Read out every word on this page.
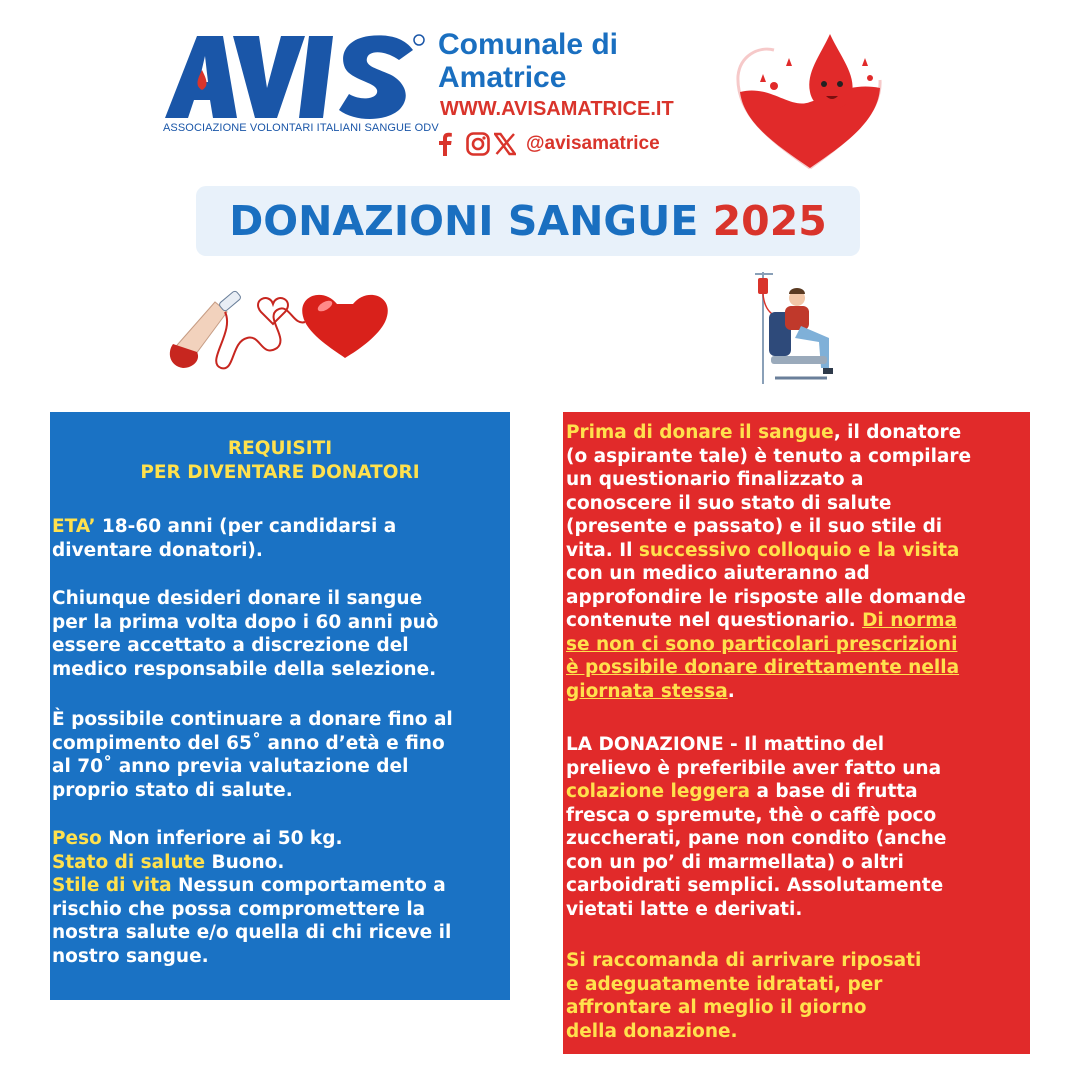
ASSOCIAZIONE VOLONTARI ITALIANI SANGUE ODV
Comunale di
Amatrice
WWW.AVISAMATRICE.IT
@avisamatrice
DONAZIONI SANGUE 2025
REQUISITI
PER DIVENTARE DONATORI
ETA’ 18-60 anni (per candidarsi a
diventare donatori).
Chiunque desideri donare il sangue
per la prima volta dopo i 60 anni può
essere accettato a discrezione del
medico responsabile della selezione.
È possibile continuare a donare fino al
compimento del 65˚ anno d’età e fino
al 70˚ anno previa valutazione del
proprio stato di salute.
Peso Non inferiore ai 50 kg.
Stato di salute Buono.
Stile di vita Nessun comportamento a
rischio che possa compromettere la
nostra salute e/o quella di chi riceve il
nostro sangue.
Prima di donare il sangue, il donatore
(o aspirante tale) è tenuto a compilare
un questionario finalizzato a
conoscere il suo stato di salute
(presente e passato) e il suo stile di
vita. Il successivo colloquio e la visita
con un medico aiuteranno ad
approfondire le risposte alle domande
contenute nel questionario. Di norma
se non ci sono particolari prescrizioni
è possibile donare direttamente nella
giornata stessa.
LA DONAZIONE - Il mattino del
prelievo è preferibile aver fatto una
colazione leggera a base di frutta
fresca o spremute, thè o caffè poco
zuccherati, pane non condito (anche
con un po’ di marmellata) o altri
carboidrati semplici. Assolutamente
vietati latte e derivati.
Si raccomanda di arrivare riposati
e adeguatamente idratati, per
affrontare al meglio il giorno
della donazione.
